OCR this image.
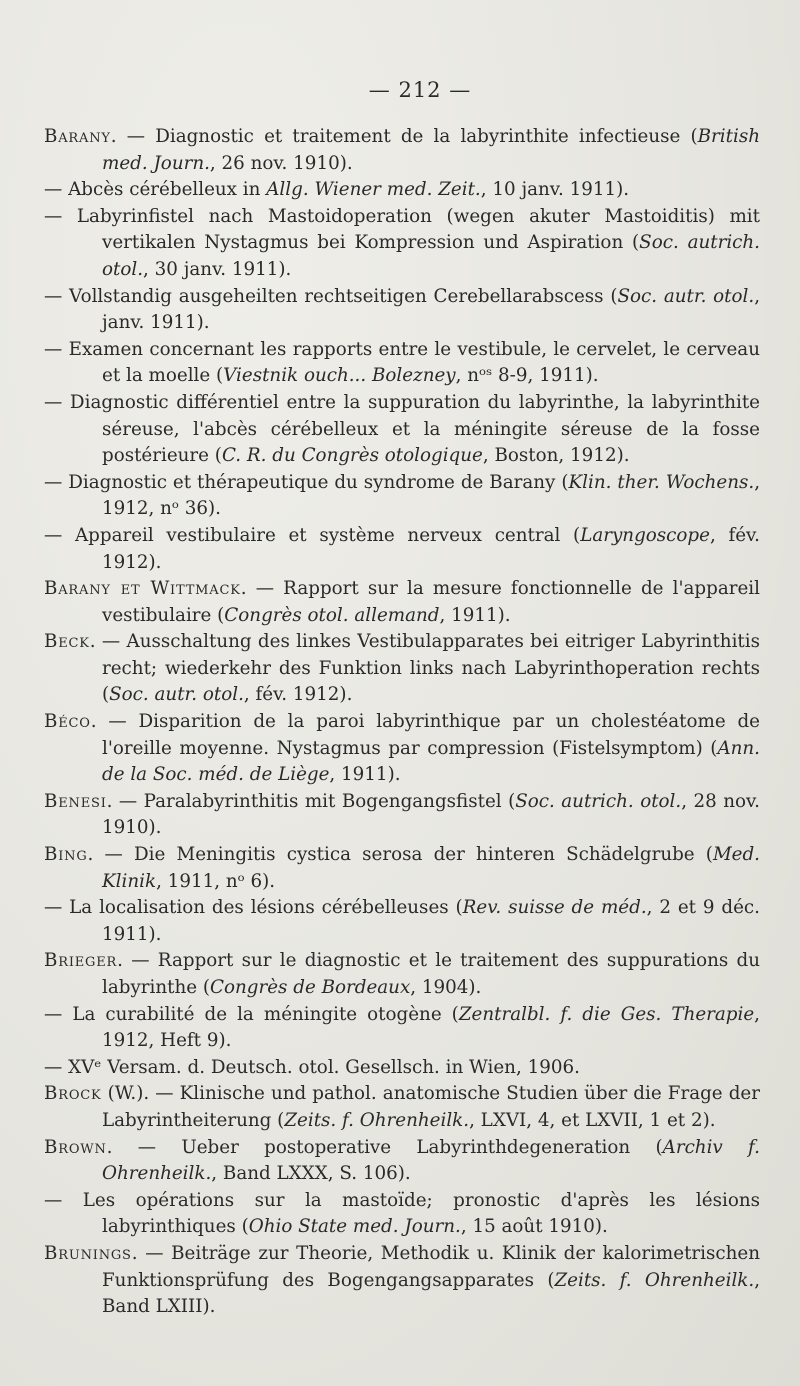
— 212 —

Barany. — Diagnostic et traitement de la labyrinthite infectieuse (British med. Journ., 26 nov. 1910).

— Abcès cérébelleux in Allg. Wiener med. Zeit., 10 janv. 1911).

— Labyrinfistel nach Mastoidoperation (wegen akuter Mastoiditis) mit vertikalen Nystagmus bei Kompression und Aspiration (Soc. autrich. otol., 30 janv. 1911).

— Vollstandig ausgeheilten rechtseitigen Cerebellarabscess (Soc. autr. otol., janv. 1911).

— Examen concernant les rapports entre le vestibule, le cervelet, le cerveau et la moelle (Viestnik ouch... Bolezney, nᵒˢ 8-9, 1911).

— Diagnostic différentiel entre la suppuration du labyrinthe, la labyrinthite séreuse, l'abcès cérébelleux et la méningite séreuse de la fosse postérieure (C. R. du Congrès otologique, Boston, 1912).

— Diagnostic et thérapeutique du syndrome de Barany (Klin. ther. Wochens., 1912, nᵒ 36).

— Appareil vestibulaire et système nerveux central (Laryngoscope, fév. 1912).

Barany et Wittmack. — Rapport sur la mesure fonctionnelle de l'appareil vestibulaire (Congrès otol. allemand, 1911).

Beck. — Ausschaltung des linkes Vestibulapparates bei eitriger Labyrinthitis recht; wiederkehr des Funktion links nach Labyrinthoperation rechts (Soc. autr. otol., fév. 1912).

Béco. — Disparition de la paroi labyrinthique par un cholestéatome de l'oreille moyenne. Nystagmus par compression (Fistelsymptom) (Ann. de la Soc. méd. de Liège, 1911).

Benesi. — Paralabyrinthitis mit Bogengangsfistel (Soc. autrich. otol., 28 nov. 1910).

Bing. — Die Meningitis cystica serosa der hinteren Schädelgrube (Med. Klinik, 1911, nᵒ 6).

— La localisation des lésions cérébelleuses (Rev. suisse de méd., 2 et 9 déc. 1911).

Brieger. — Rapport sur le diagnostic et le traitement des suppurations du labyrinthe (Congrès de Bordeaux, 1904).

— La curabilité de la méningite otogène (Zentralbl. f. die Ges. Therapie, 1912, Heft 9).

— XVᵉ Versam. d. Deutsch. otol. Gesellsch. in Wien, 1906.

Brock (W.). — Klinische und pathol. anatomische Studien über die Frage der Labyrintheiterung (Zeits. f. Ohrenheilk., LXVI, 4, et LXVII, 1 et 2).

Brown. — Ueber postoperative Labyrinthdegeneration (Archiv f. Ohrenheilk., Band LXXX, S. 106).

— Les opérations sur la mastoïde; pronostic d'après les lésions labyrinthiques (Ohio State med. Journ., 15 août 1910).

Brunings. — Beiträge zur Theorie, Methodik u. Klinik der kalorimetrischen Funktionsprüfung des Bogengangsapparates (Zeits. f. Ohrenheilk., Band LXIII).
